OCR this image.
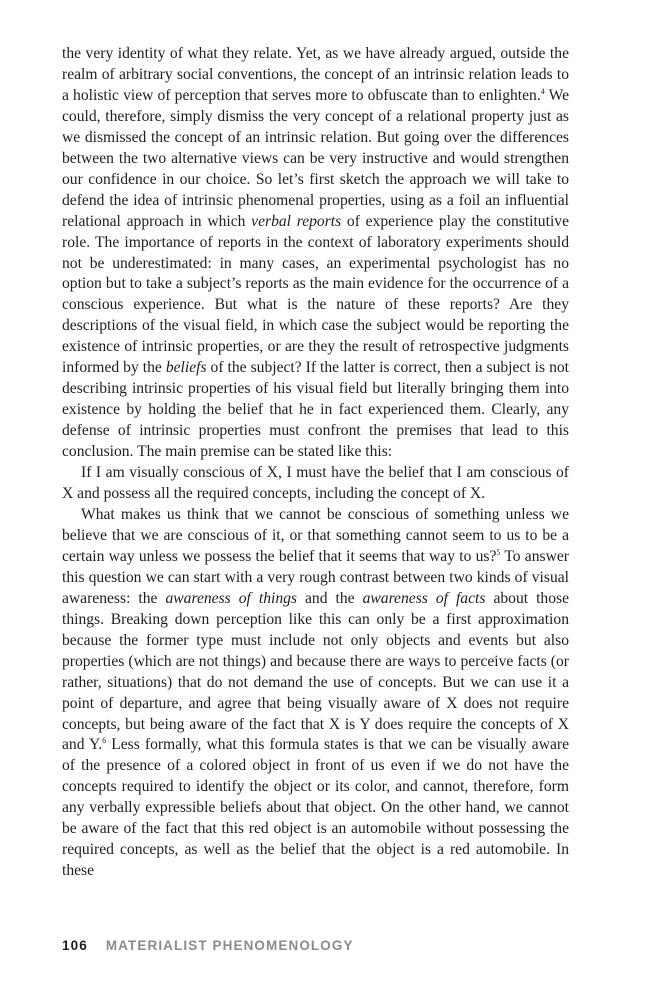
the very identity of what they relate. Yet, as we have already argued, outside the realm of arbitrary social conventions, the concept of an intrinsic relation leads to a holistic view of perception that serves more to obfuscate than to enlighten.$^4$ We could, therefore, simply dismiss the very concept of a relational property just as we dismissed the concept of an intrinsic relation. But going over the differences between the two alternative views can be very instructive and would strengthen our confidence in our choice. So let’s first sketch the approach we will take to defend the idea of intrinsic phenomenal properties, using as a foil an influential relational approach in which verbal reports of experience play the constitutive role. The importance of reports in the context of laboratory experiments should not be underestimated: in many cases, an experimental psychologist has no option but to take a subject’s reports as the main evidence for the occurrence of a conscious experience. But what is the nature of these reports? Are they descriptions of the visual field, in which case the subject would be reporting the existence of intrinsic properties, or are they the result of retrospective judgments informed by the beliefs of the subject? If the latter is correct, then a subject is not describing intrinsic properties of his visual field but literally bringing them into existence by holding the belief that he in fact experienced them. Clearly, any defense of intrinsic properties must confront the premises that lead to this conclusion. The main premise can be stated like this:

If I am visually conscious of X, I must have the belief that I am conscious of X and possess all the required concepts, including the concept of X.

What makes us think that we cannot be conscious of something unless we believe that we are conscious of it, or that something cannot seem to us to be a certain way unless we possess the belief that it seems that way to us?$^5$ To answer this question we can start with a very rough contrast between two kinds of visual awareness: the awareness of things and the awareness of facts about those things. Breaking down perception like this can only be a first approximation because the former type must include not only objects and events but also properties (which are not things) and because there are ways to perceive facts (or rather, situations) that do not demand the use of concepts. But we can use it a point of departure, and agree that being visually aware of X does not require concepts, but being aware of the fact that X is Y does require the concepts of X and Y.$^6$ Less formally, what this formula states is that we can be visually aware of the presence of a colored object in front of us even if we do not have the concepts required to identify the object or its color, and cannot, therefore, form any verbally expressible beliefs about that object. On the other hand, we cannot be aware of the fact that this red object is an automobile without possessing the required concepts, as well as the belief that the object is a red automobile. In these

106 MATERIALIST PHENOMENOLOGY
